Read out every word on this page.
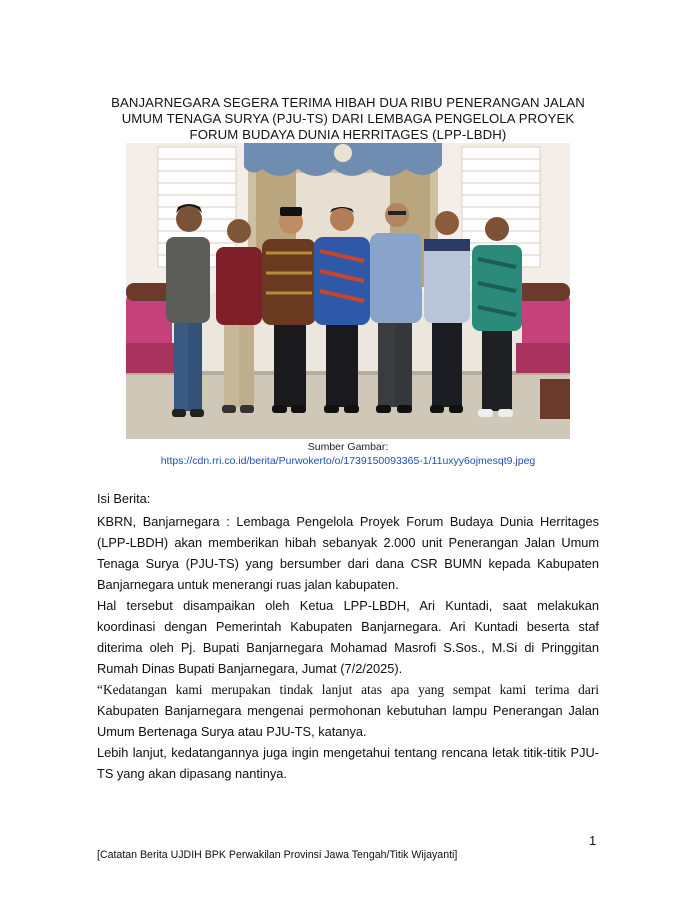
BANJARNEGARA SEGERA TERIMA HIBAH DUA RIBU PENERANGAN JALAN
UMUM TENAGA SURYA (PJU-TS) DARI LEMBAGA PENGELOLA PROYEK
FORUM BUDAYA DUNIA HERRITAGES (LPP-LBDH)
Sumber Gambar:
https://cdn.rri.co.id/berita/Purwokerto/o/1739150093365-1/11uxyy6ojmesqt9.jpeg

Isi Berita:

KBRN, Banjarnegara : Lembaga Pengelola Proyek Forum Budaya Dunia Herritages (LPP-LBDH) akan memberikan hibah sebanyak 2.000 unit Penerangan Jalan Umum Tenaga Surya (PJU-TS) yang bersumber dari dana CSR BUMN kepada Kabupaten Banjarnegara untuk menerangi ruas jalan kabupaten.

Hal tersebut disampaikan oleh Ketua LPP-LBDH, Ari Kuntadi, saat melakukan koordinasi dengan Pemerintah Kabupaten Banjarnegara. Ari Kuntadi beserta staf diterima oleh Pj. Bupati Banjarnegara Mohamad Masrofi S.Sos., M.Si di Pringgitan Rumah Dinas Bupati Banjarnegara, Jumat (7/2/2025).

“Kedatangan kami merupakan tindak lanjut atas apa yang sempat kami terima dari Kabupaten Banjarnegara mengenai permohonan kebutuhan lampu Penerangan Jalan Umum Bertenaga Surya atau PJU-TS, katanya.

Lebih lanjut, kedatangannya juga ingin mengetahui tentang rencana letak titik-titik PJU-TS yang akan dipasang nantinya.

1
[Catatan Berita UJDIH BPK Perwakilan Provinsi Jawa Tengah/Titik Wijayanti]
